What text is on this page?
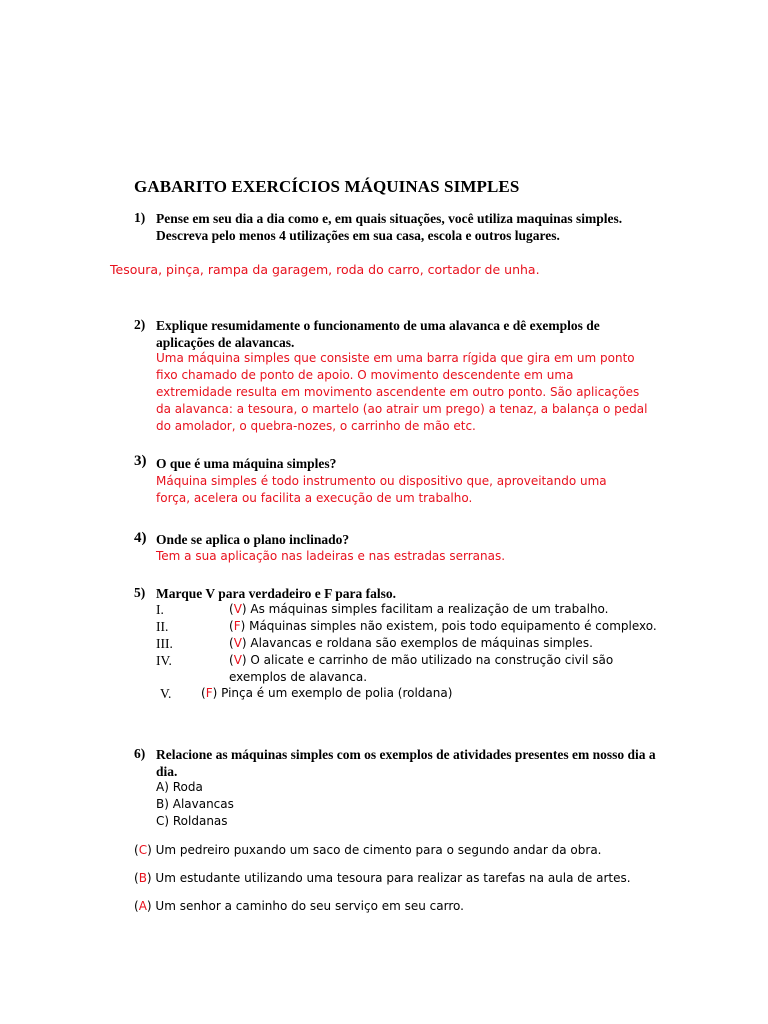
GABARITO EXERCÍCIOS MÁQUINAS SIMPLES
1) Pense em seu dia a dia como e, em quais situações, você utiliza maquinas simples. Descreva pelo menos 4 utilizações em sua casa, escola e outros lugares.
Tesoura, pinça, rampa da garagem, roda do carro, cortador de unha.
2) Explique resumidamente o funcionamento de uma alavanca e dê exemplos de aplicações de alavancas.
Uma máquina simples que consiste em uma barra rígida que gira em um ponto fixo chamado de ponto de apoio. O movimento descendente em uma extremidade resulta em movimento ascendente em outro ponto. São aplicações da alavanca: a tesoura, o martelo (ao atrair um prego) a tenaz, a balança o pedal do amolador, o quebra-nozes, o carrinho de mão etc.
3) O que é uma máquina simples?
Máquina simples é todo instrumento ou dispositivo que, aproveitando uma força, acelera ou facilita a execução de um trabalho.
4) Onde se aplica o plano inclinado?
Tem a sua aplicação nas ladeiras e nas estradas serranas.
5) Marque V para verdadeiro e F para falso.
I.	(V) As máquinas simples facilitam a realização de um trabalho.
II.	(F) Máquinas simples não existem, pois todo equipamento é complexo.
III.	(V) Alavancas e roldana são exemplos de máquinas simples.
IV.	(V) O alicate e carrinho de mão utilizado na construção civil são exemplos de alavanca.
V. (F) Pinça é um exemplo de polia (roldana)
6) Relacione as máquinas simples com os exemplos de atividades presentes em nosso dia a dia.
A) Roda
B) Alavancas
C) Roldanas
(C) Um pedreiro puxando um saco de cimento para o segundo andar da obra.
(B) Um estudante utilizando uma tesoura para realizar as tarefas na aula de artes.
(A) Um senhor a caminho do seu serviço em seu carro.
